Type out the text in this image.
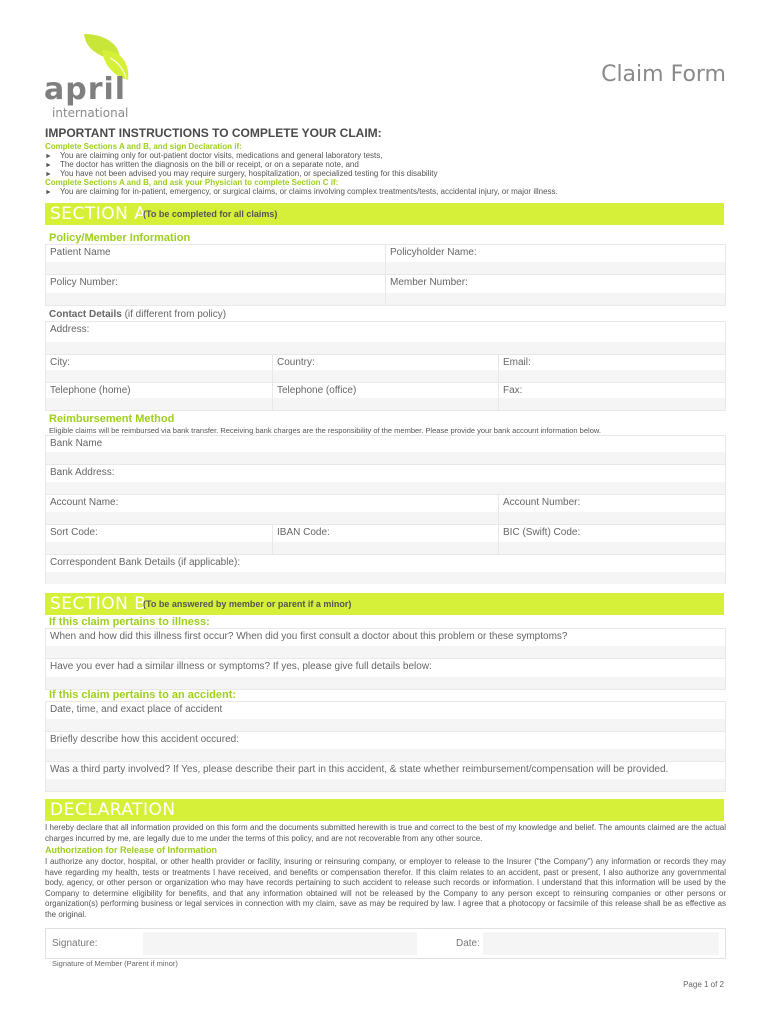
april
international
Claim Form
IMPORTANT INSTRUCTIONS TO COMPLETE YOUR CLAIM:
Complete Sections A and B, and sign Declaration if:
► You are claiming only for out-patient doctor visits, medications and general laboratory tests,
► The doctor has written the diagnosis on the bill or receipt, or on a separate note, and
► You have not been advised you may require surgery, hospitalization, or specialized testing for this disability
Complete Sections A and B, and ask your Physician to complete Section C if:
► You are claiming for in-patient, emergency, or surgical claims, or claims involving complex treatments/tests, accidental injury, or major illness.
SECTION A
(To be completed for all claims)
Policy/Member Information
Patient Name	Policyholder Name:
Policy Number:	Member Number:
Contact Details (if different from policy)
Address:
City:	Country:	Email:
Telephone (home)	Telephone (office)	Fax:
Reimbursement Method
Eligible claims will be reimbursed via bank transfer. Receiving bank charges are the responsibility of the member. Please provide your bank account information below.
Bank Name
Bank Address:
Account Name:	Account Number:
Sort Code:	IBAN Code:	BIC (Swift) Code:
Correspondent Bank Details (if applicable):
SECTION B
(To be answered by member or parent if a minor)
If this claim pertains to illness:
When and how did this illness first occur? When did you first consult a doctor about this problem or these symptoms?
Have you ever had a similar illness or symptoms? If yes, please give full details below:
If this claim pertains to an accident:
Date, time, and exact place of accident
Briefly describe how this accident occured:
Was a third party involved? If Yes, please describe their part in this accident, & state whether reimbursement/compensation will be provided.
DECLARATION
I hereby declare that all information provided on this form and the documents submitted herewith is true and correct to the best of my knowledge and belief. The amounts claimed are the actual charges incurred by me, are legally due to me under the terms of this policy, and are not recoverable from any other source.
Authorization for Release of Information
I authorize any doctor, hospital, or other health provider or facility, insuring or reinsuring company, or employer to release to the Insurer (“the Company”) any information or records they may have regarding my health, tests or treatments I have received, and benefits or compensation therefor. If this claim relates to an accident, past or present, I also authorize any governmental body, agency, or other person or organization who may have records pertaining to such accident to release such records or information. I understand that this information will be used by the Company to determine eligibility for benefits, and that any information obtained will not be released by the Company to any person except to reinsuring companies or other persons or organization(s) performing business or legal services in connection with my claim, save as may be required by law. I agree that a photocopy or facsimile of this release shall be as effective as the original.
Signature:	Date:
Signature of Member (Parent if minor)
Page 1 of 2
